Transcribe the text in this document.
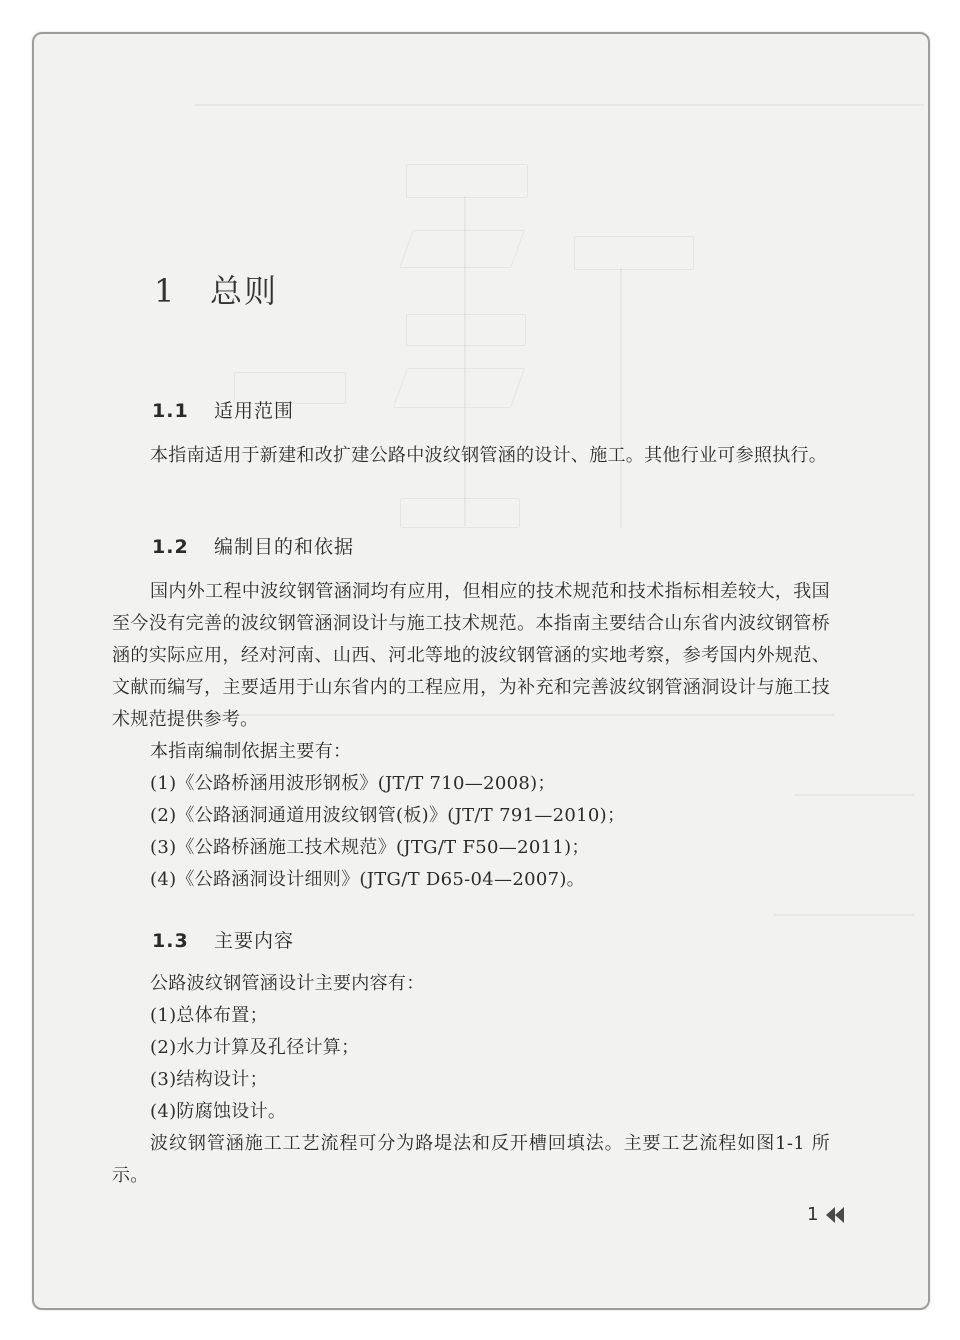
1 总则
1.1 适用范围
本指南适用于新建和改扩建公路中波纹钢管涵的设计、施工。其他行业可参照执行。
1.2 编制目的和依据
国内外工程中波纹钢管涵洞均有应用，但相应的技术规范和技术指标相差较大，我国至今没有完善的波纹钢管涵洞设计与施工技术规范。本指南主要结合山东省内波纹钢管桥涵的实际应用，经对河南、山西、河北等地的波纹钢管涵的实地考察，参考国内外规范、文献而编写，主要适用于山东省内的工程应用，为补充和完善波纹钢管涵洞设计与施工技术规范提供参考。
本指南编制依据主要有：
(1)《公路桥涵用波形钢板》(JT/T 710—2008)；
(2)《公路涵洞通道用波纹钢管(板)》(JT/T 791—2010)；
(3)《公路桥涵施工技术规范》(JTG/T F50—2011)；
(4)《公路涵洞设计细则》(JTG/T D65-04—2007)。
1.3 主要内容
公路波纹钢管涵设计主要内容有：
(1)总体布置；
(2)水力计算及孔径计算；
(3)结构设计；
(4)防腐蚀设计。
波纹钢管涵施工工艺流程可分为路堤法和反开槽回填法。主要工艺流程如图1-1 所示。
1
